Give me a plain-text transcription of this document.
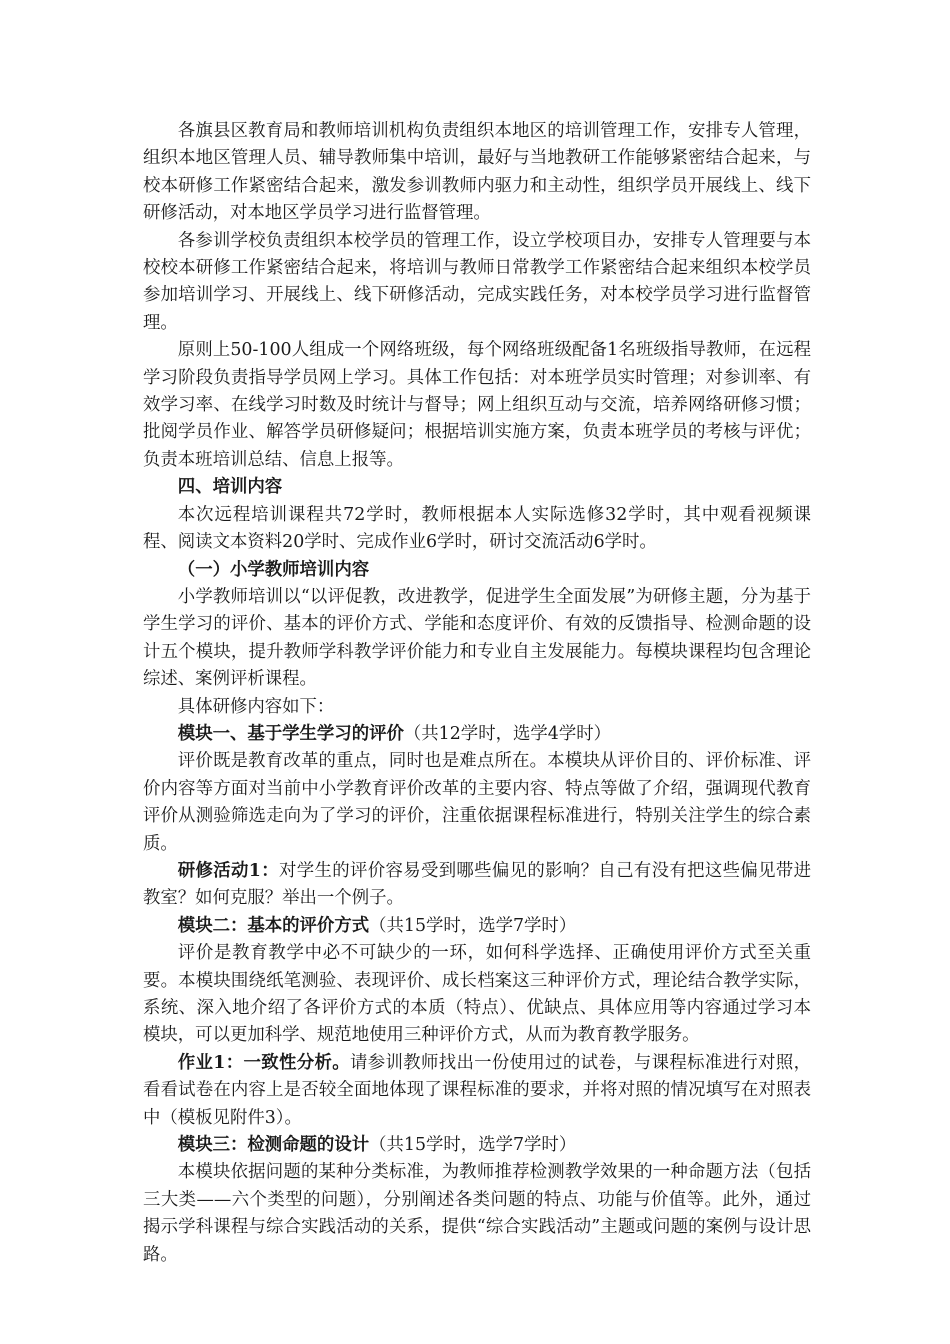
各旗县区教育局和教师培训机构负责组织本地区的培训管理工作，安排专人管理，组织本地区管理人员、辅导教师集中培训，最好与当地教研工作能够紧密结合起来，与校本研修工作紧密结合起来，激发参训教师内驱力和主动性，组织学员开展线上、线下研修活动，对本地区学员学习进行监督管理。

各参训学校负责组织本校学员的管理工作，设立学校项目办，安排专人管理要与本校校本研修工作紧密结合起来，将培训与教师日常教学工作紧密结合起来组织本校学员参加培训学习、开展线上、线下研修活动，完成实践任务，对本校学员学习进行监督管理。

原则上50-100人组成一个网络班级，每个网络班级配备1名班级指导教师，在远程学习阶段负责指导学员网上学习。具体工作包括：对本班学员实时管理；对参训率、有效学习率、在线学习时数及时统计与督导；网上组织互动与交流，培养网络研修习惯；批阅学员作业、解答学员研修疑问；根据培训实施方案，负责本班学员的考核与评优；负责本班培训总结、信息上报等。

四、培训内容

本次远程培训课程共72学时，教师根据本人实际选修32学时，其中观看视频课程、阅读文本资料20学时、完成作业6学时，研讨交流活动6学时。

（一）小学教师培训内容

小学教师培训以“以评促教，改进教学，促进学生全面发展”为研修主题，分为基于学生学习的评价、基本的评价方式、学能和态度评价、有效的反馈指导、检测命题的设计五个模块，提升教师学科教学评价能力和专业自主发展能力。每模块课程均包含理论综述、案例评析课程。

具体研修内容如下：

模块一、基于学生学习的评价（共12学时，选学4学时）

评价既是教育改革的重点，同时也是难点所在。本模块从评价目的、评价标准、评价内容等方面对当前中小学教育评价改革的主要内容、特点等做了介绍，强调现代教育评价从测验筛选走向为了学习的评价，注重依据课程标准进行，特别关注学生的综合素质。

研修活动1：对学生的评价容易受到哪些偏见的影响？自己有没有把这些偏见带进教室？如何克服？举出一个例子。

模块二：基本的评价方式（共15学时，选学7学时）

评价是教育教学中必不可缺少的一环，如何科学选择、正确使用评价方式至关重要。本模块围绕纸笔测验、表现评价、成长档案这三种评价方式，理论结合教学实际，系统、深入地介绍了各评价方式的本质（特点）、优缺点、具体应用等内容通过学习本模块，可以更加科学、规范地使用三种评价方式，从而为教育教学服务。

作业1：一致性分析。请参训教师找出一份使用过的试卷，与课程标准进行对照，看看试卷在内容上是否较全面地体现了课程标准的要求，并将对照的情况填写在对照表中（模板见附件3）。

模块三：检测命题的设计（共15学时，选学7学时）

本模块依据问题的某种分类标准，为教师推荐检测教学效果的一种命题方法（包括三大类——六个类型的问题），分别阐述各类问题的特点、功能与价值等。此外，通过揭示学科课程与综合实践活动的关系，提供“综合实践活动”主题或问题的案例与设计思路。
